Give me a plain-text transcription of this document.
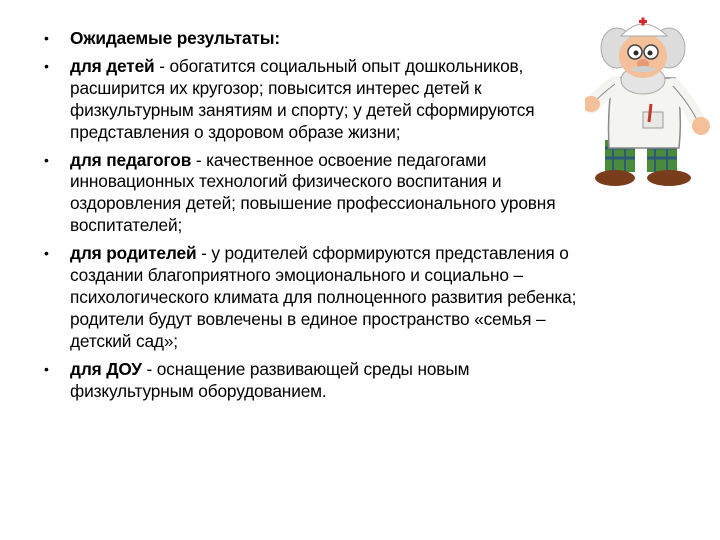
• Ожидаемые результаты:
• для детей - обогатится социальный опыт дошкольников, расширится их кругозор; повысится интерес детей к физкультурным занятиям и спорту; у детей сформируются представления о здоровом образе жизни;
• для педагогов - качественное освоение педагогами инновационных технологий физического воспитания и оздоровления детей; повышение профессионального уровня воспитателей;
• для родителей - у родителей сформируются представления о создании благоприятного эмоционального и социально – психологического климата для полноценного развития ребенка; родители будут вовлечены в единое пространство «семья – детский сад»;
• для ДОУ - оснащение развивающей среды новым физкультурным оборудованием.
